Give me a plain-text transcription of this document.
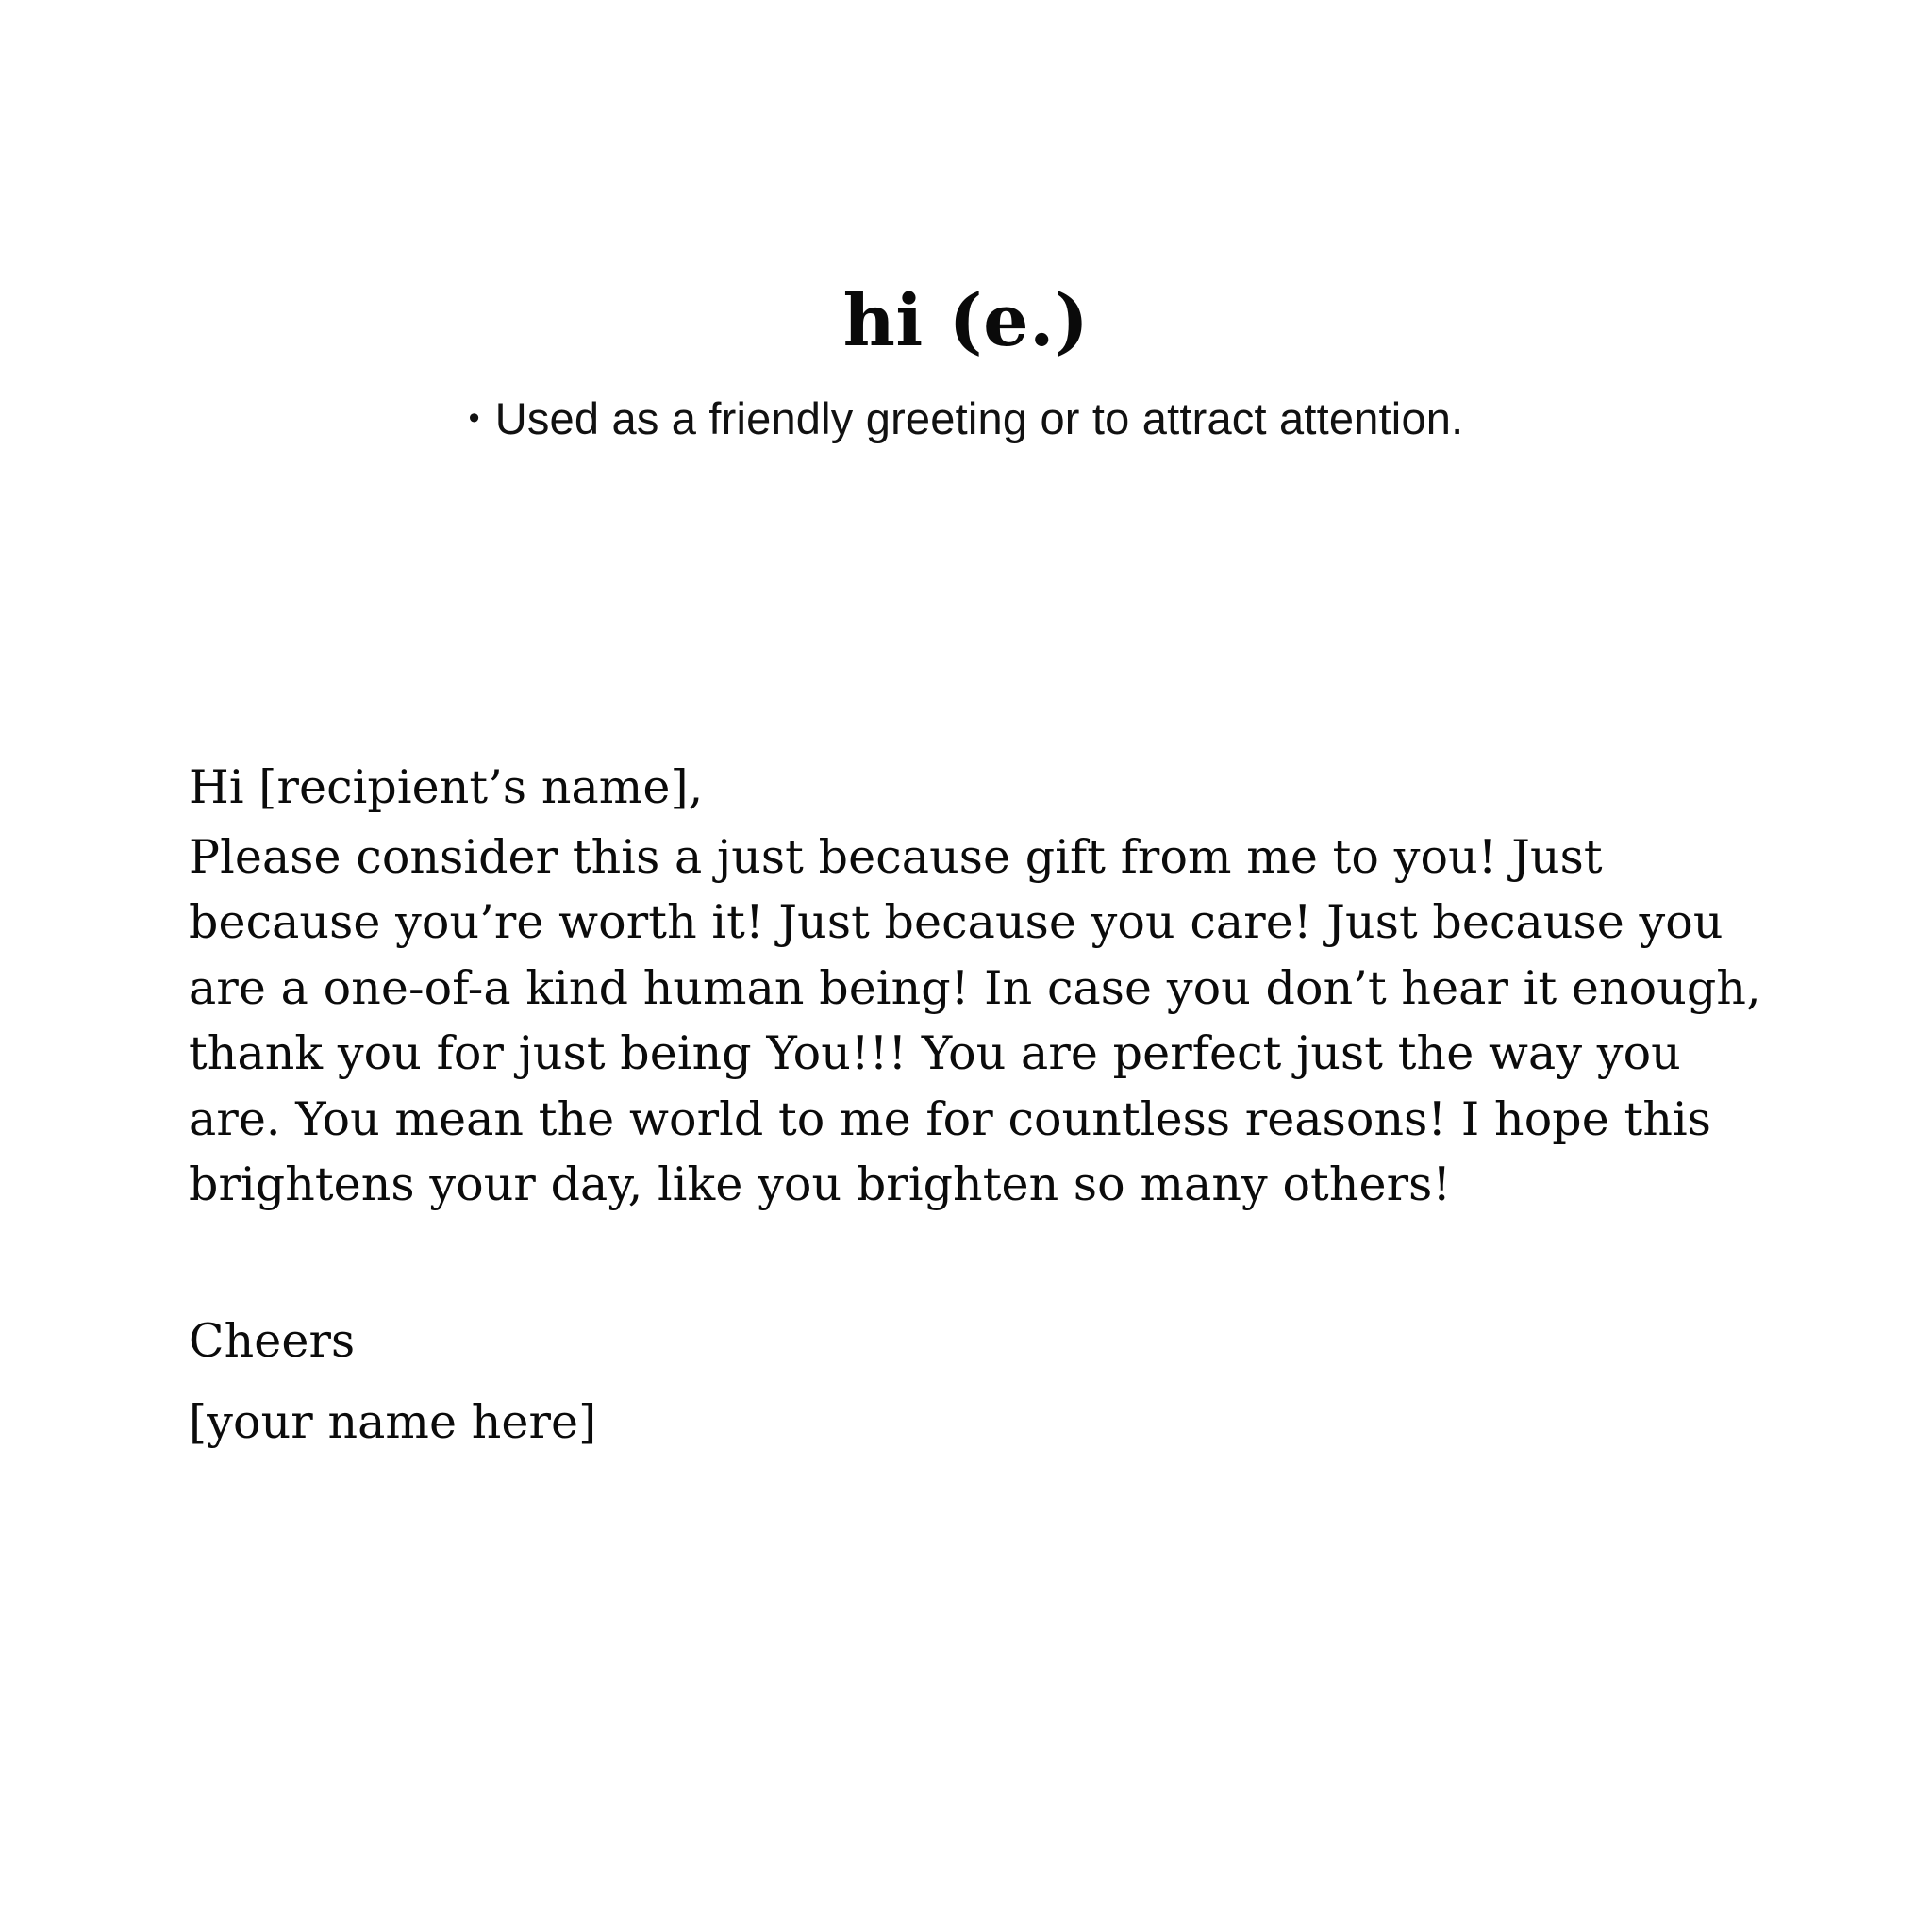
hi (e.)
• Used as a friendly greeting or to attract attention.

Hi [recipient’s name],

Please consider this a just because gift from me to you! Just because you’re worth it! Just because you care! Just because you are a one-of-a kind human being! In case you don’t hear it enough, thank you for just being You!!! You are perfect just the way you are. You mean the world to me for countless reasons! I hope this brightens your day, like you brighten so many others!

Cheers

[your name here]
